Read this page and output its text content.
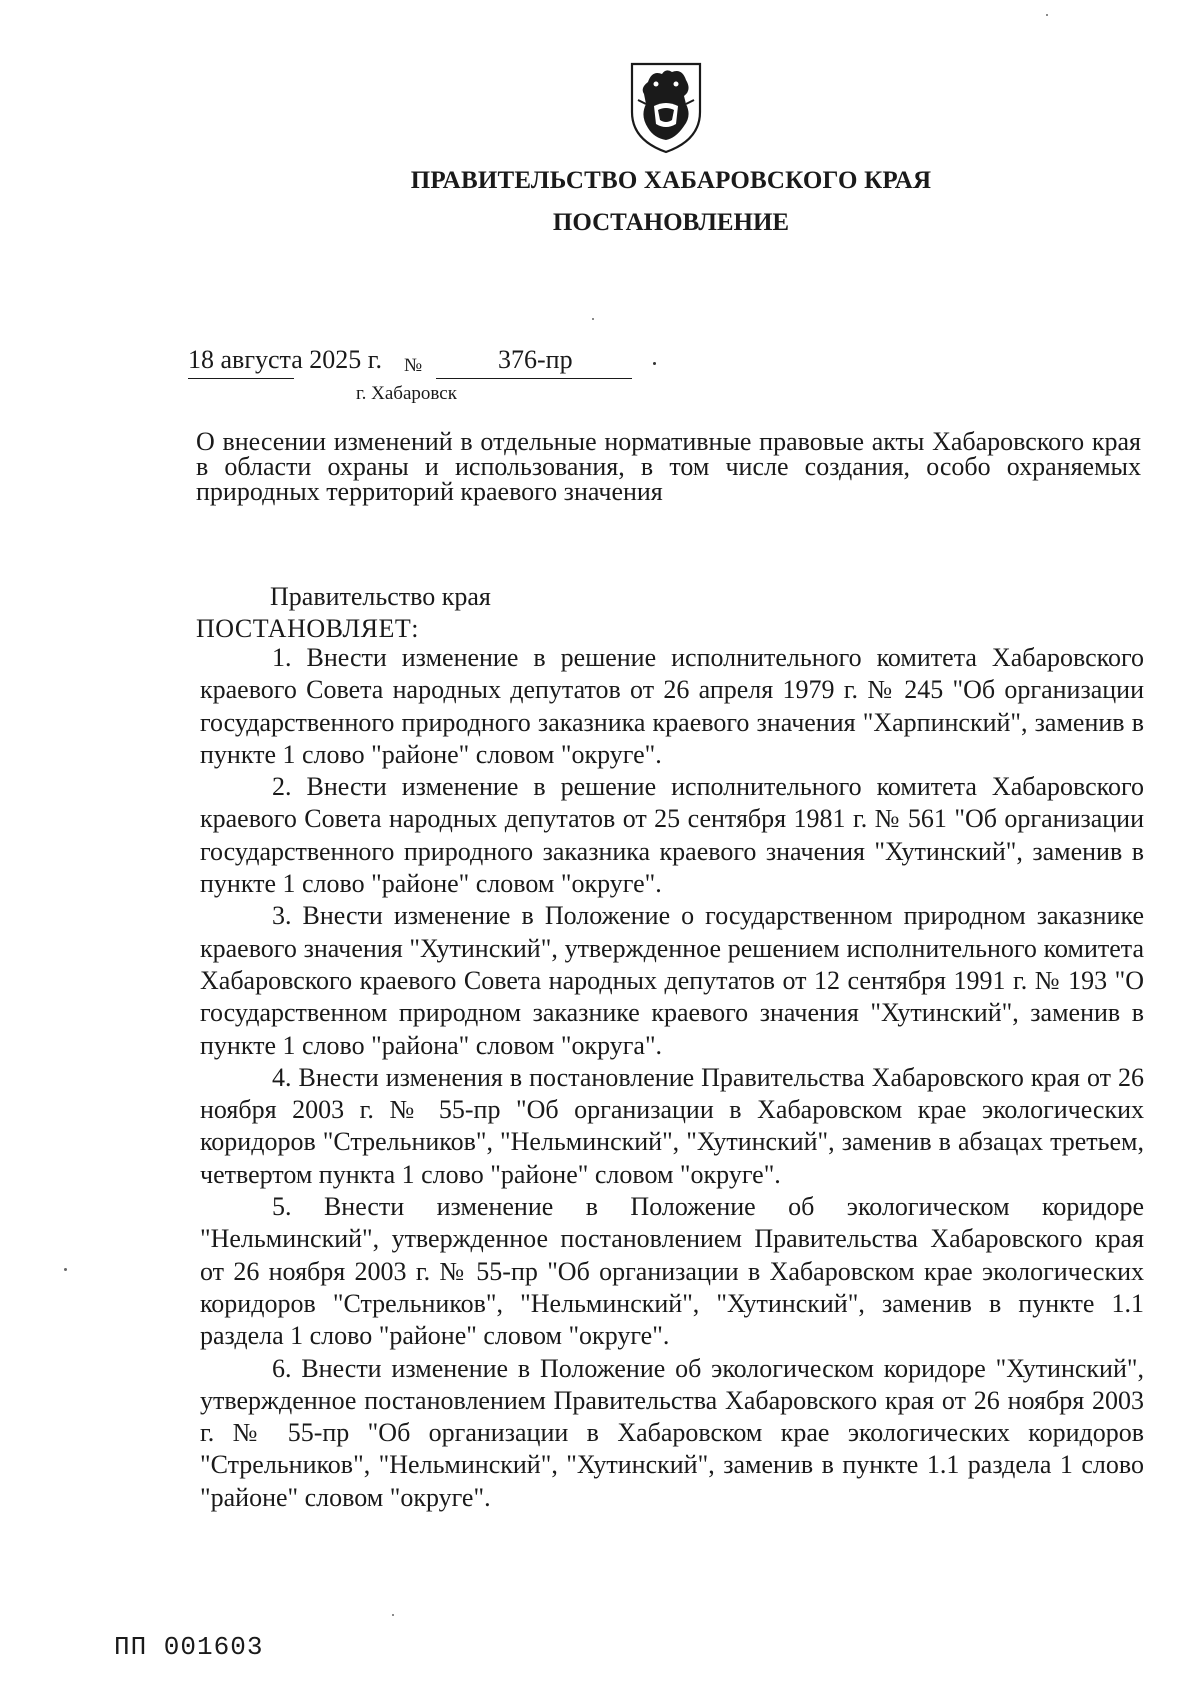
ПРАВИТЕЛЬСТВО ХАБАРОВСКОГО КРАЯ
ПОСТАНОВЛЕНИЕ
18 августа 2025 г. №	376-пр
г. Хабаровск
О внесении изменений в отдельные нормативные правовые акты Хабаровского края в области охраны и использования, в том числе создания, особо охраняемых природных территорий краевого значения
Правительство края
ПОСТАНОВЛЯЕТ:

1. Внести изменение в решение исполнительного комитета Хабаровского краевого Совета народных депутатов от 26 апреля 1979 г. № 245 "Об организации государственного природного заказника краевого значения "Харпинский", заменив в пункте 1 слово "районе" словом "округе".

2. Внести изменение в решение исполнительного комитета Хабаровского краевого Совета народных депутатов от 25 сентября 1981 г. № 561 "Об организации государственного природного заказника краевого значения "Хутинский", заменив в пункте 1 слово "районе" словом "округе".

3. Внести изменение в Положение о государственном природном заказнике краевого значения "Хутинский", утвержденное решением исполнительного комитета Хабаровского краевого Совета народных депутатов от 12 сентября 1991 г. № 193 "О государственном природном заказнике краевого значения "Хутинский", заменив в пункте 1 слово "района" словом "округа".

4. Внести изменения в постановление Правительства Хабаровского края от 26 ноября 2003 г. № 55-пр "Об организации в Хабаровском крае экологических коридоров "Стрельников", "Нельминский", "Хутинский", заменив в абзацах третьем, четвертом пункта 1 слово "районе" словом "округе".

5. Внести изменение в Положение об экологическом коридоре "Нельминский", утвержденное постановлением Правительства Хабаровского края от 26 ноября 2003 г. № 55-пр "Об организации в Хабаровском крае экологических коридоров "Стрельников", "Нельминский", "Хутинский", заменив в пункте 1.1 раздела 1 слово "районе" словом "округе".

6. Внести изменение в Положение об экологическом коридоре "Хутинский", утвержденное постановлением Правительства Хабаровского края от 26 ноября 2003 г. № 55-пр "Об организации в Хабаровском крае экологических коридоров "Стрельников", "Нельминский", "Хутинский", заменив в пункте 1.1 раздела 1 слово "районе" словом "округе".

ПП 001603
